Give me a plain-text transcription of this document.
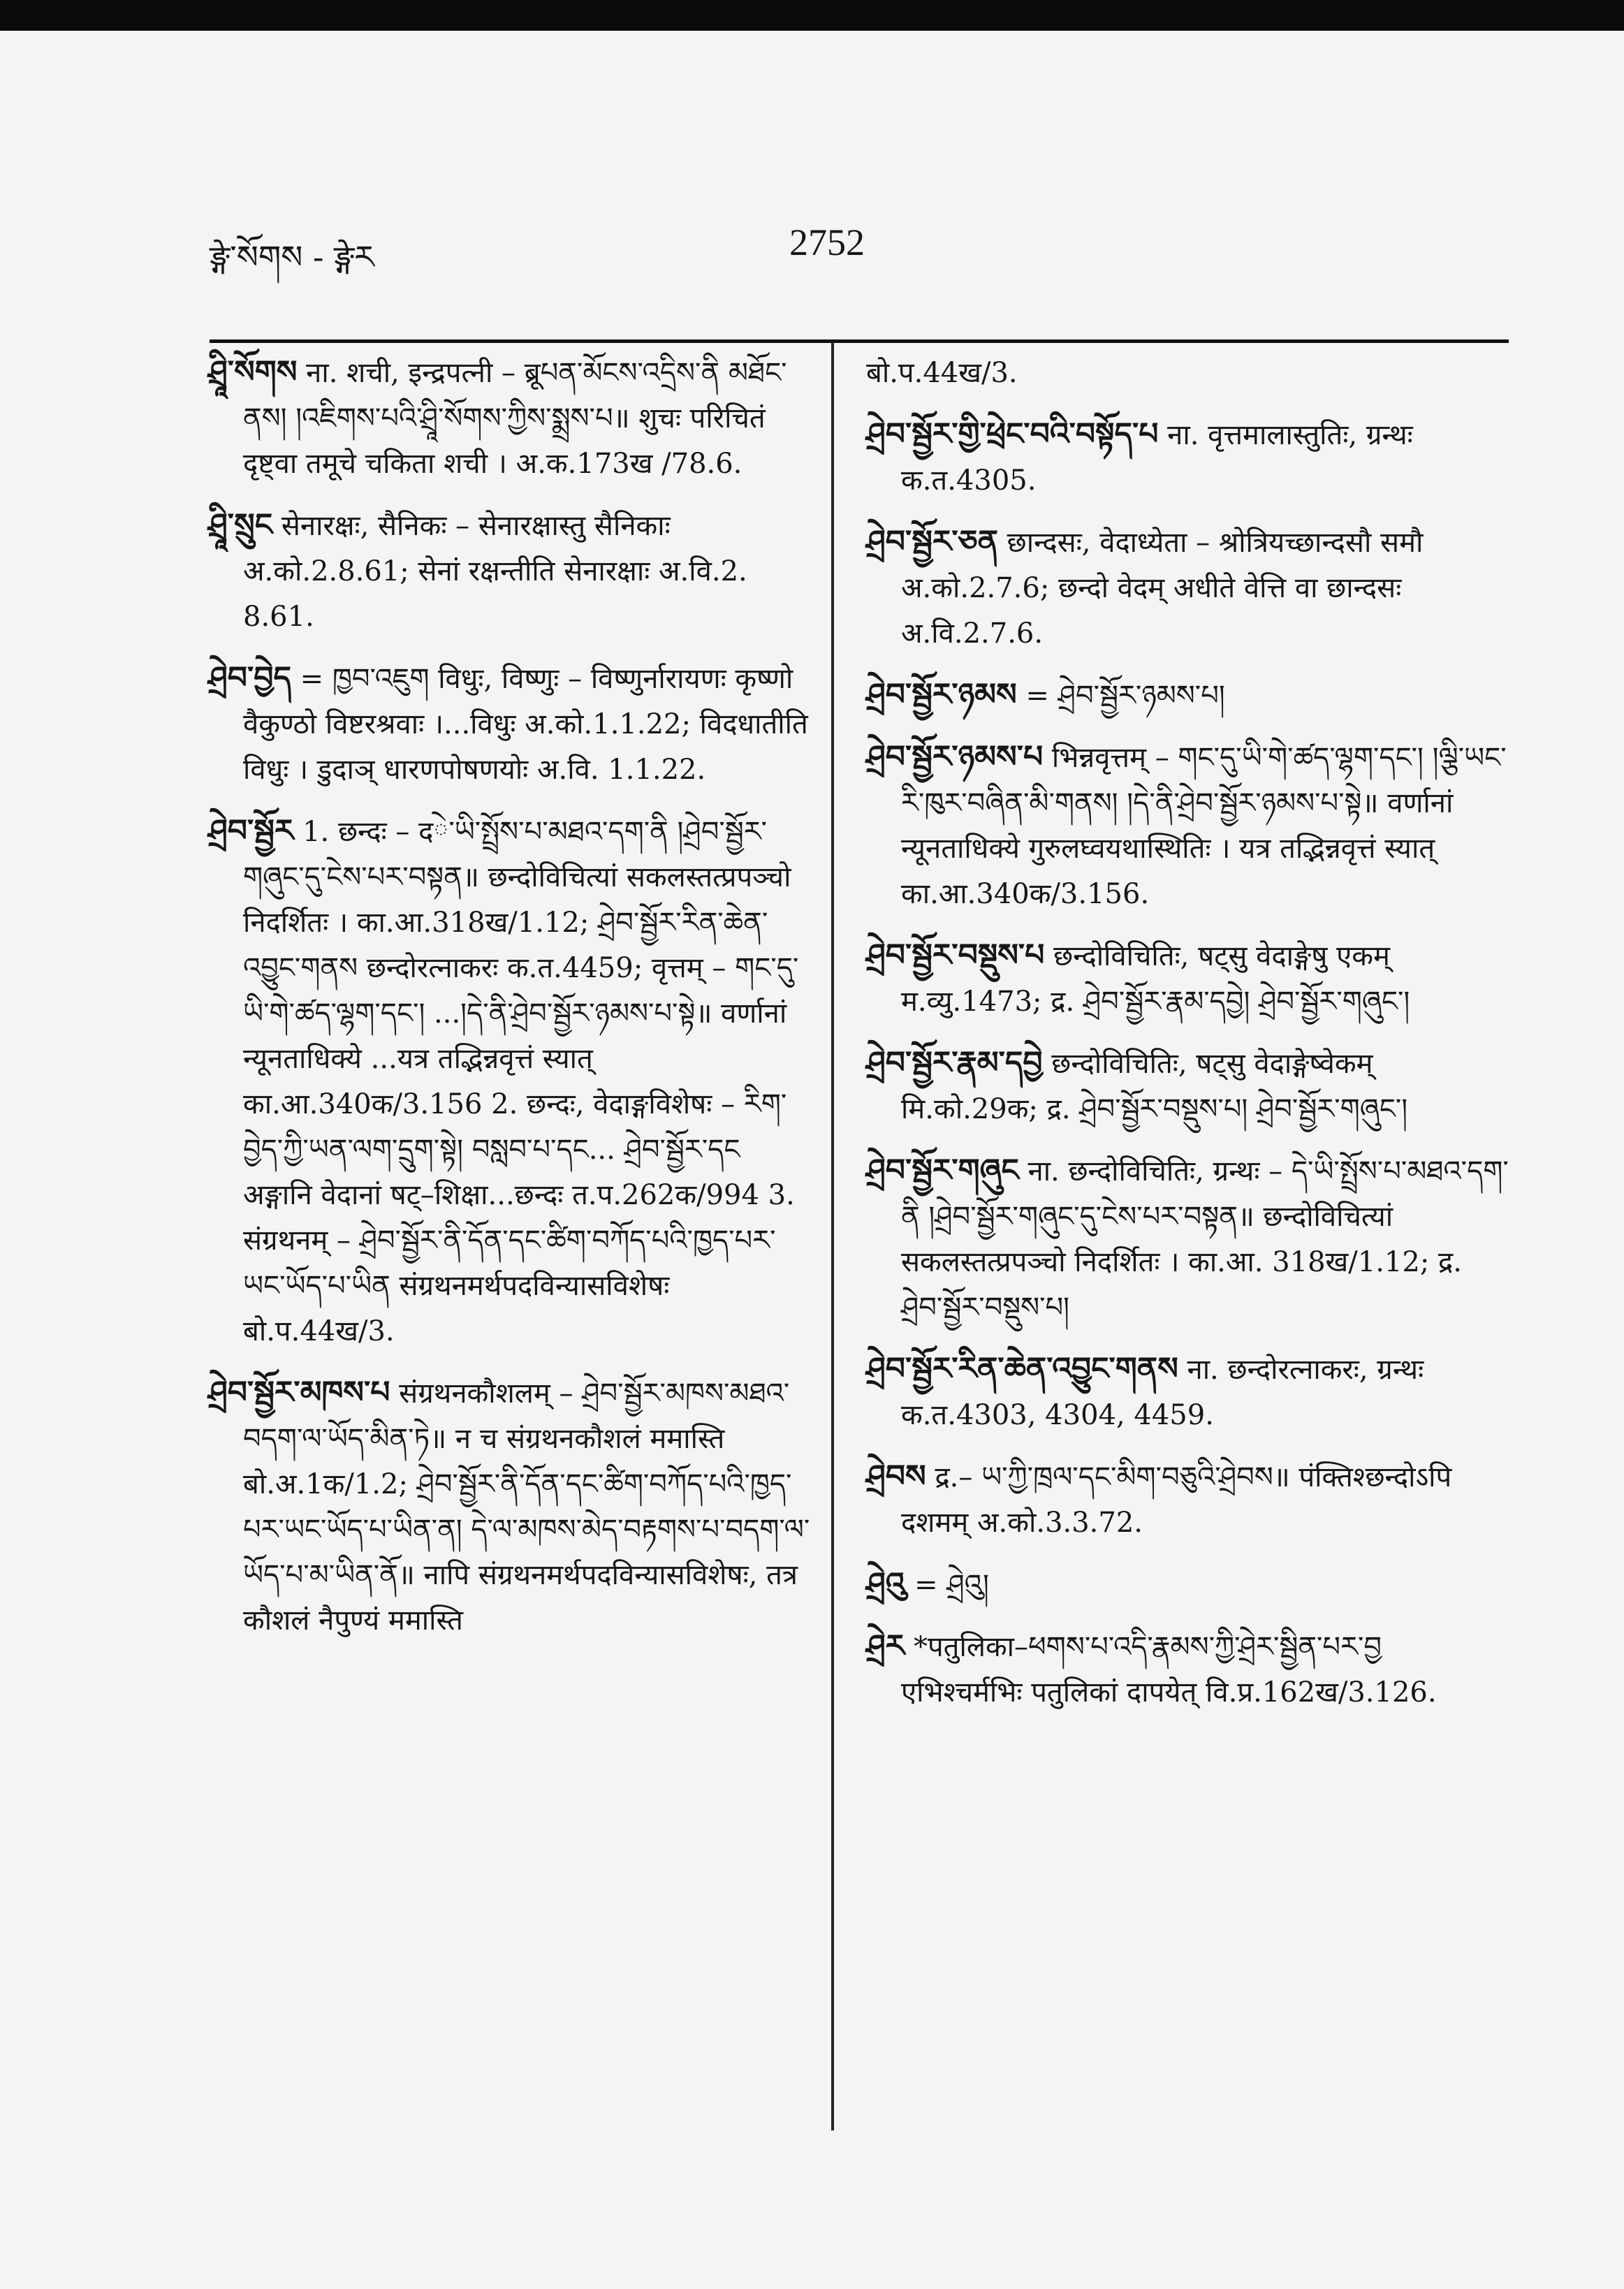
ङ्गे་སོགས - ङ्गेར	2752

ཤྲཱི་སོགས ना. शची, इन्द्रपत्नी – ब्रूཔན་མོངས་འདྲིས་ནི མཐོང་ནས། །འཇིགས་པའི་ཤྲཱི་སོགས་ཀྱིས་སྨྲས་པ॥ शुचः परिचितं दृष्ट्वा तमूचे चकिता शची । अ.क.173ख /78.6.

ཤྲཱི་སྲུང सेनारक्षः, सैनिकः – सेनारक्षास्तु सैनिकाः अ.को.2.8.61; सेनां रक्षन्तीति सेनारक्षाः अ.वि.2. 8.61.

ཤྲེབ་བྱེད = ཁྱབ་འཇུག विधुः, विष्णुः – विष्णुर्नारायणः कृष्णो वैकुण्ठो विष्टरश्रवाः ।...विधुः अ.को.1.1.22; विदधातीति विधुः । डुदाञ् धारणपोषणयोः अ.वि. 1.1.22.

ཤྲེབ་སྦྱོར 1. छन्दः – दེ་ཡི་སྤྲོས་པ་མཐའ་དག་ནི །ཤྲེབ་སྦྱོར་གཞུང་དུ་ངེས་པར་བསྟན॥ छन्दोविचित्यां सकलस्तत्प्रपञ्चो निदर्शितः । का.आ.318ख/1.12; ཤྲེབ་སྦྱོར་རིན་ཆེན་འབྱུང་གནས छन्दोरत्नाकरः क.त.4459; वृत्तम् – གང་དུ་ཡི་གེ་ཚད་ལྷག་དང་། ...།དེ་ནི་ཤྲེབ་སྦྱོར་ཉམས་པ་སྟེ॥ वर्णानां न्यूनताधिक्ये ...यत्र तद्भिन्नवृत्तं स्यात् का.आ.340क/3.156 2. छन्दः, वेदाङ्गविशेषः – རིག་བྱེད་ཀྱི་ཡན་ལག་དྲུག་སྟེ། བསླབ་པ་དང... ཤྲེབ་སྦྱོར་དང अङ्गानि वेदानां षट्–शिक्षा...छन्दः त.प.262क/994 3. संग्रथनम् – ཤྲེབ་སྦྱོར་ནི་དོན་དང་ཚིག་བཀོད་པའི་ཁྱད་པར་ཡང་ཡོད་པ་ཡིན संग्रथनमर्थपदविन्यासविशेषः बो.प.44ख/3.

ཤྲེབ་སྦྱོར་མཁས་པ संग्रथनकौशलम् – ཤྲེབ་སྦྱོར་མཁས་མཐའ་བདག་ལ་ཡོད་མིན་ཏེ॥ न च संग्रथनकौशलं ममास्ति बो.अ.1क/1.2; ཤྲེབ་སྦྱོར་ནི་དོན་དང་ཚིག་བཀོད་པའི་ཁྱད་པར་ཡང་ཡོད་པ་ཡིན་ན། དེ་ལ་མཁས་མེད་བརྟགས་པ་བདག་ལ་ཡོད་པ་མ་ཡིན་ནོ॥ नापि संग्रथनमर्थपदविन्यासविशेषः, तत्र कौशलं नैपुण्यं ममास्ति

बो.प.44ख/3.

ཤྲེབ་སྦྱོར་གྱི་ཕྲེང་བའི་བསྟོད་པ ना. वृत्तमालास्तुतिः, ग्रन्थः क.त.4305.

ཤྲེབ་སྦྱོར་ཅན छान्दसः, वेदाध्येता – श्रोत्रियच्छान्दसौ समौ अ.को.2.7.6; छन्दो वेदम् अधीते वेत्ति वा छान्दसः अ.वि.2.7.6.

ཤྲེབ་སྦྱོར་ཉམས = ཤྲེབ་སྦྱོར་ཉམས་པ།

ཤྲེབ་སྦྱོར་ཉམས་པ भिन्नवृत्तम् – གང་དུ་ཡི་གེ་ཚད་ལྷག་དང་། །ལྕི་ཡང་རི་ཁུར་བཞིན་མི་གནས། །དེ་ནི་ཤྲེབ་སྦྱོར་ཉམས་པ་སྟེ॥ वर्णानां न्यूनताधिक्ये गुरुलघ्वयथास्थितिः । यत्र तद्भिन्नवृत्तं स्यात् का.आ.340क/3.156.

ཤྲེབ་སྦྱོར་བསྡུས་པ छन्दोविचितिः, षट्सु वेदाङ्गेषु एकम् म.व्यु.1473; द्र. ཤྲེབ་སྦྱོར་རྣམ་དབྱེ། ཤྲེབ་སྦྱོར་གཞུང་།

ཤྲེབ་སྦྱོར་རྣམ་དབྱེ छन्दोविचितिः, षट्सु वेदाङ्गेष्वेकम् मि.को.29क; द्र. ཤྲེབ་སྦྱོར་བསྡུས་པ། ཤྲེབ་སྦྱོར་གཞུང་།

ཤྲེབ་སྦྱོར་གཞུང ना. छन्दोविचितिः, ग्रन्थः – དེ་ཡི་སྤྲོས་པ་མཐའ་དག་ནི །ཤྲེབ་སྦྱོར་གཞུང་དུ་ངེས་པར་བསྟན॥ छन्दोविचित्यां सकलस्तत्प्रपञ्चो निदर्शितः । का.आ. 318ख/1.12; द्र. ཤྲེབ་སྦྱོར་བསྡུས་པ།

ཤྲེབ་སྦྱོར་རིན་ཆེན་འབྱུང་གནས ना. छन्दोरत्नाकरः, ग्रन्थः क.त.4303, 4304, 4459.

ཤྲེབས द्र.– ཡ་ཀྱི་ཁྲལ་དང་མིག་བཅུའི་ཤྲེབས॥ पंक्तिश्छन्दोऽपि दशमम् अ.को.3.3.72.

ཤྲེའུ = ཤྲེའུ།

ཤྲེར *पतुलिका–ཕགས་པ་འདི་རྣམས་ཀྱི་ཤྲེར་སྦྱིན་པར་བྱ एभिश्चर्मभिः पतुलिकां दापयेत् वि.प्र.162ख/3.126.
